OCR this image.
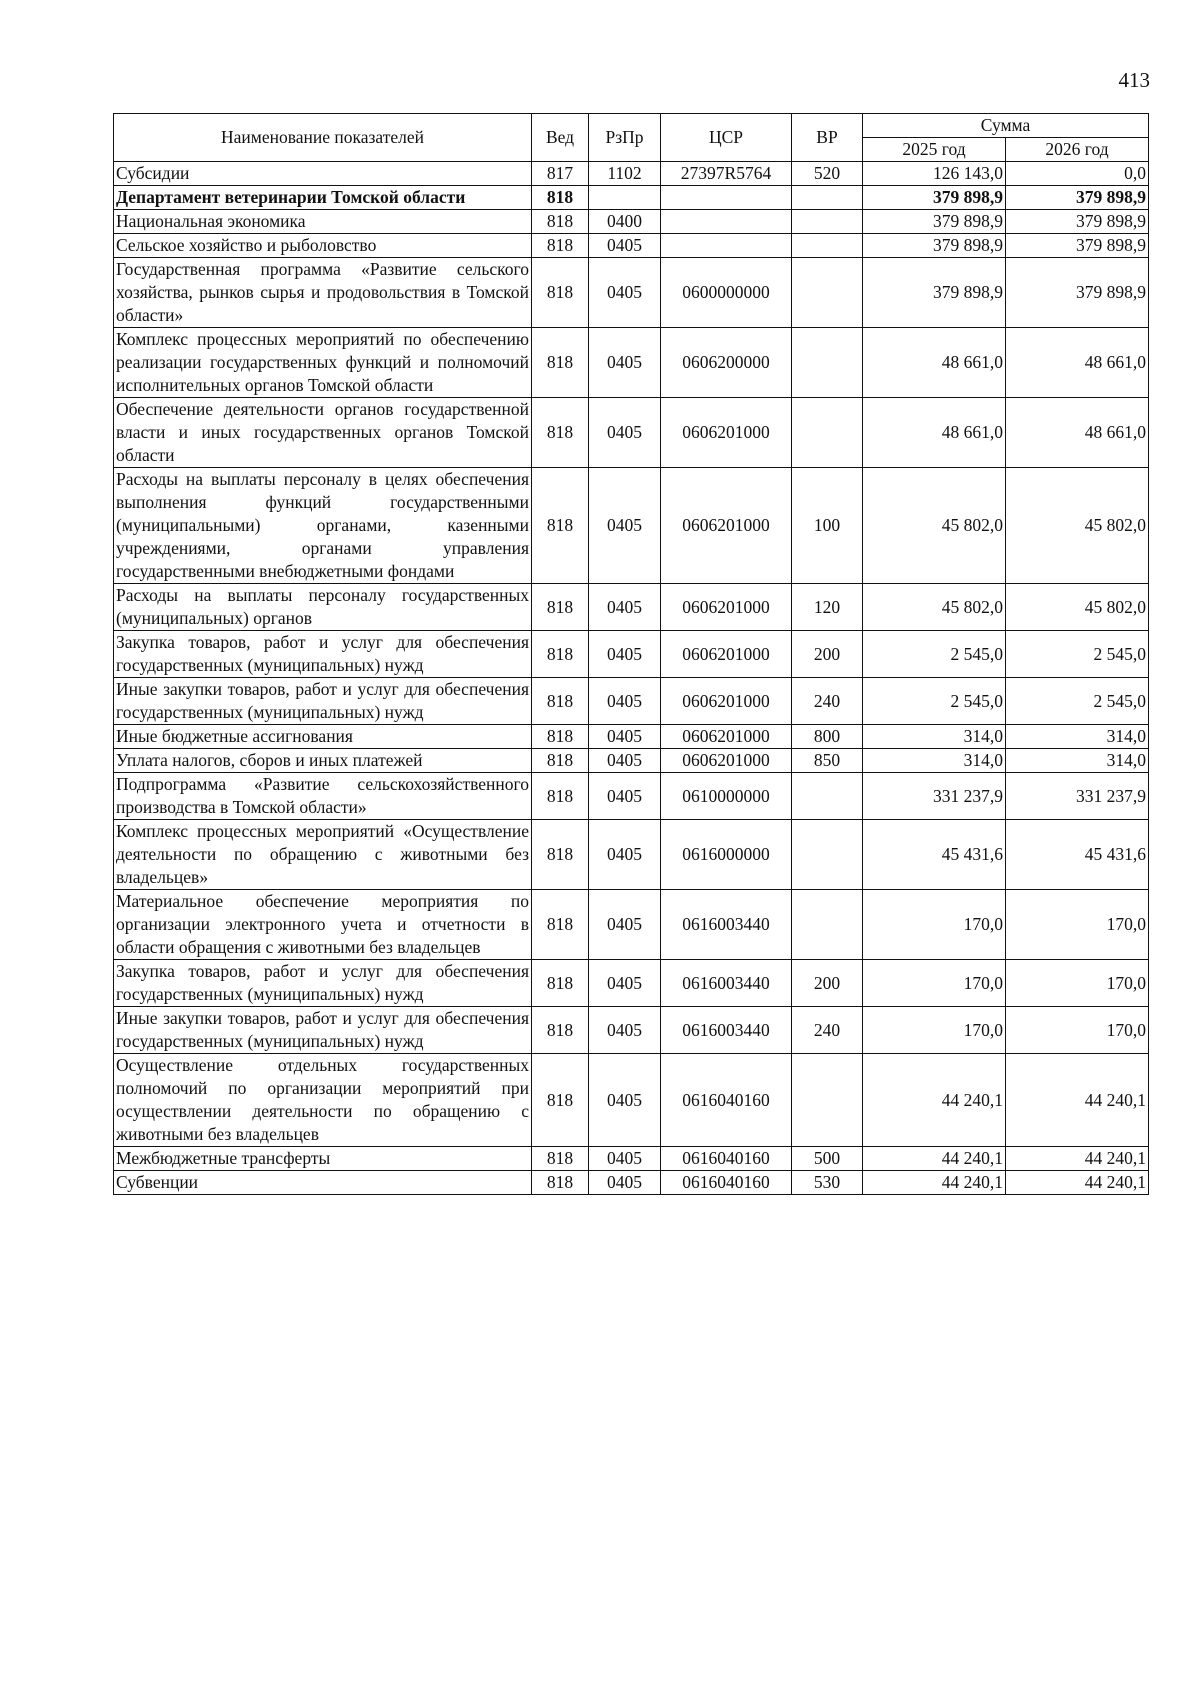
413
Наименование показателей	Вед	РзПр	ЦСР	ВР	Сумма	
					2025 год	2026 год
Субсидии	817	1102	27397R5764	520	126 143,0	0,0
Департамент ветеринарии Томской области	818				379 898,9	379 898,9
Национальная экономика	818	0400			379 898,9	379 898,9
Сельское хозяйство и рыболовство	818	0405			379 898,9	379 898,9
Государственная программа «Развитие сельского хозяйства, рынков сырья и продовольствия в Томской области»	818	0405	0600000000		379 898,9	379 898,9
Комплекс процессных мероприятий по обеспечению реализации государственных функций и полномочий исполнительных органов Томской области	818	0405	0606200000		48 661,0	48 661,0
Обеспечение деятельности органов государственной власти и иных государственных органов Томской области	818	0405	0606201000		48 661,0	48 661,0
Расходы на выплаты персоналу в целях обеспечения выполнения функций государственными (муниципальными) органами, казенными учреждениями, органами управления государственными внебюджетными фондами	818	0405	0606201000	100	45 802,0	45 802,0
Расходы на выплаты персоналу государственных (муниципальных) органов	818	0405	0606201000	120	45 802,0	45 802,0
Закупка товаров, работ и услуг для обеспечения государственных (муниципальных) нужд	818	0405	0606201000	200	2 545,0	2 545,0
Иные закупки товаров, работ и услуг для обеспечения государственных (муниципальных) нужд	818	0405	0606201000	240	2 545,0	2 545,0
Иные бюджетные ассигнования	818	0405	0606201000	800	314,0	314,0
Уплата налогов, сборов и иных платежей	818	0405	0606201000	850	314,0	314,0
Подпрограмма «Развитие сельскохозяйственного производства в Томской области»	818	0405	0610000000		331 237,9	331 237,9
Комплекс процессных мероприятий «Осуществление деятельности по обращению с животными без владельцев»	818	0405	0616000000		45 431,6	45 431,6
Материальное обеспечение мероприятия по организации электронного учета и отчетности в области обращения с животными без владельцев	818	0405	0616003440		170,0	170,0
Закупка товаров, работ и услуг для обеспечения государственных (муниципальных) нужд	818	0405	0616003440	200	170,0	170,0
Иные закупки товаров, работ и услуг для обеспечения государственных (муниципальных) нужд	818	0405	0616003440	240	170,0	170,0
Осуществление отдельных государственных полномочий по организации мероприятий при осуществлении деятельности по обращению с животными без владельцев	818	0405	0616040160		44 240,1	44 240,1
Межбюджетные трансферты	818	0405	0616040160	500	44 240,1	44 240,1
Субвенции	818	0405	0616040160	530	44 240,1	44 240,1
